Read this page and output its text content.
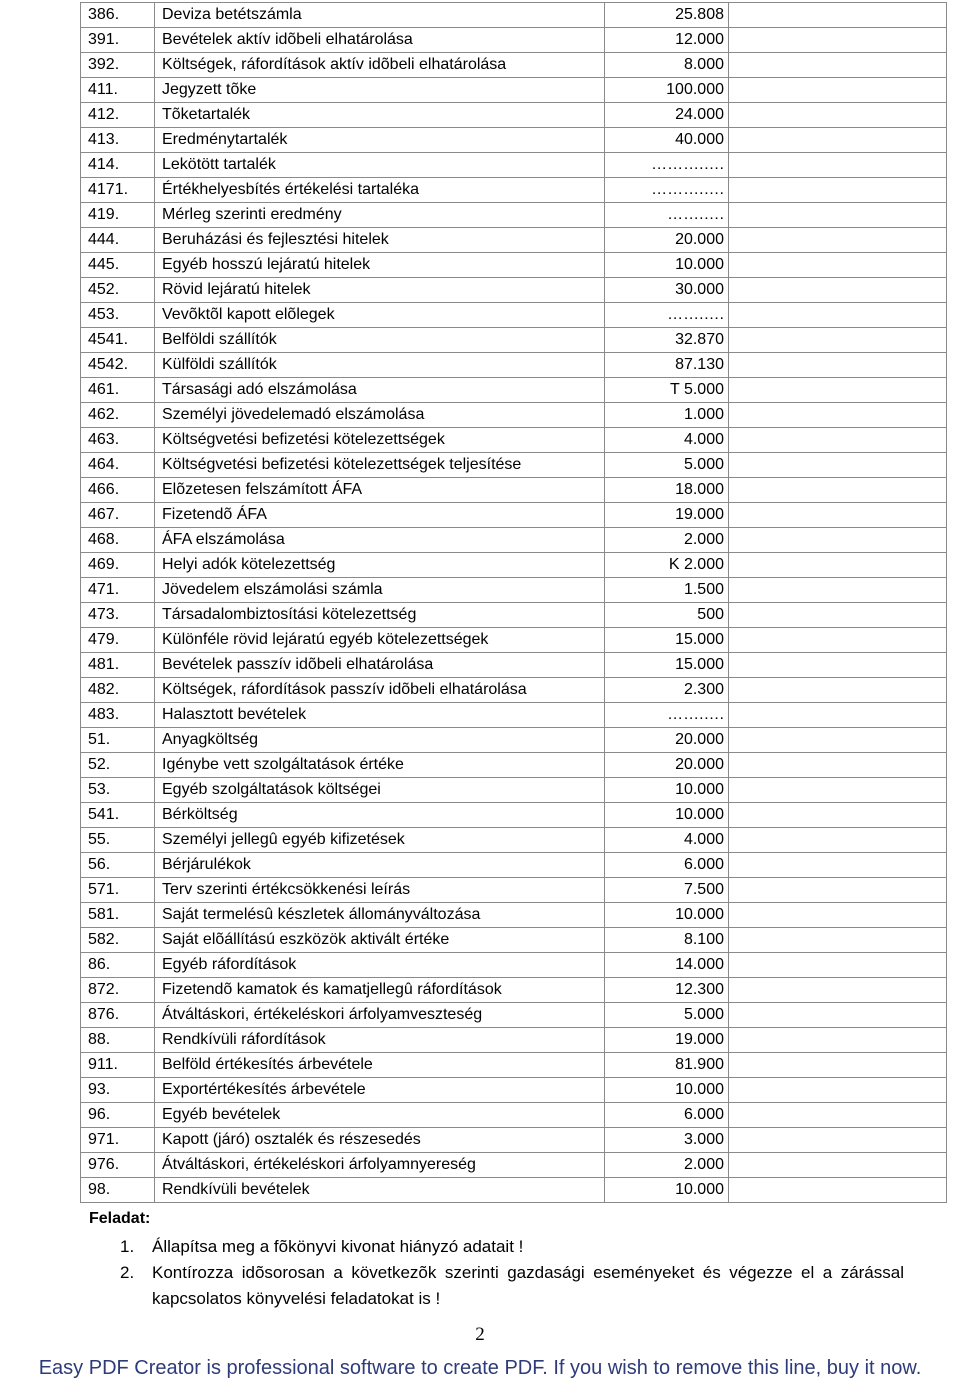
386.	Deviza betétszámla	25.808	
391.	Bevételek aktív idõbeli elhatárolása	12.000	
392.	Költségek, ráfordítások aktív idõbeli elhatárolása	8.000	
411.	Jegyzett tõke	100.000	
412.	Tõketartalék	24.000	
413.	Eredménytartalék	40.000	
414.	Lekötött tartalék	……….….	
4171.	Értékhelyesbítés értékelési tartaléka	……….….	
419.	Mérleg szerinti eredmény	…….….	
444.	Beruházási és fejlesztési hitelek	20.000	
445.	Egyéb hosszú lejáratú hitelek	10.000	
452.	Rövid lejáratú hitelek	30.000	
453.	Vevõktõl kapott elõlegek	…….….	
4541.	Belföldi szállítók	32.870	
4542.	Külföldi szállítók	87.130	
461.	Társasági adó elszámolása	T 5.000	
462.	Személyi jövedelemadó elszámolása	1.000	
463.	Költségvetési befizetési kötelezettségek	4.000	
464.	Költségvetési befizetési kötelezettségek teljesítése	5.000	
466.	Elõzetesen felszámított ÁFA	18.000	
467.	Fizetendõ ÁFA	19.000	
468.	ÁFA elszámolása	2.000	
469.	Helyi adók kötelezettség	K 2.000	
471.	Jövedelem elszámolási számla	1.500	
473.	Társadalombiztosítási kötelezettség	500	
479.	Különféle rövid lejáratú egyéb kötelezettségek	15.000	
481.	Bevételek passzív idõbeli elhatárolása	15.000	
482.	Költségek, ráfordítások passzív idõbeli elhatárolása	2.300	
483.	Halasztott bevételek	…….….	
51.	Anyagköltség	20.000	
52.	Igénybe vett szolgáltatások értéke	20.000	
53.	Egyéb szolgáltatások költségei	10.000	
541.	Bérköltség	10.000	
55.	Személyi jellegû egyéb kifizetések	4.000	
56.	Bérjárulékok	6.000	
571.	Terv szerinti értékcsökkenési leírás	7.500	
581.	Saját termelésû készletek állományváltozása	10.000	
582.	Saját elõállítású eszközök aktivált értéke	8.100	
86.	Egyéb ráfordítások	14.000	
872.	Fizetendõ kamatok és kamatjellegû ráfordítások	12.300	
876.	Átváltáskori, értékeléskori árfolyamveszteség	5.000	
88.	Rendkívüli ráfordítások	19.000	
911.	Belföld értékesítés árbevétele	81.900	
93.	Exportértékesítés árbevétele	10.000	
96.	Egyéb bevételek	6.000	
971.	Kapott (járó) osztalék és részesedés	3.000	
976.	Átváltáskori, értékeléskori árfolyamnyereség	2.000	
98.	Rendkívüli bevételek	10.000	
Feladat:
1. Állapítsa meg a fõkönyvi kivonat hiányzó adatait !
2. Kontírozza idõsorosan a következõk szerinti gazdasági eseményeket és végezze el a zárással kapcsolatos könyvelési feladatokat is !
2
Easy PDF Creator is professional software to create PDF. If you wish to remove this line, buy it now.
